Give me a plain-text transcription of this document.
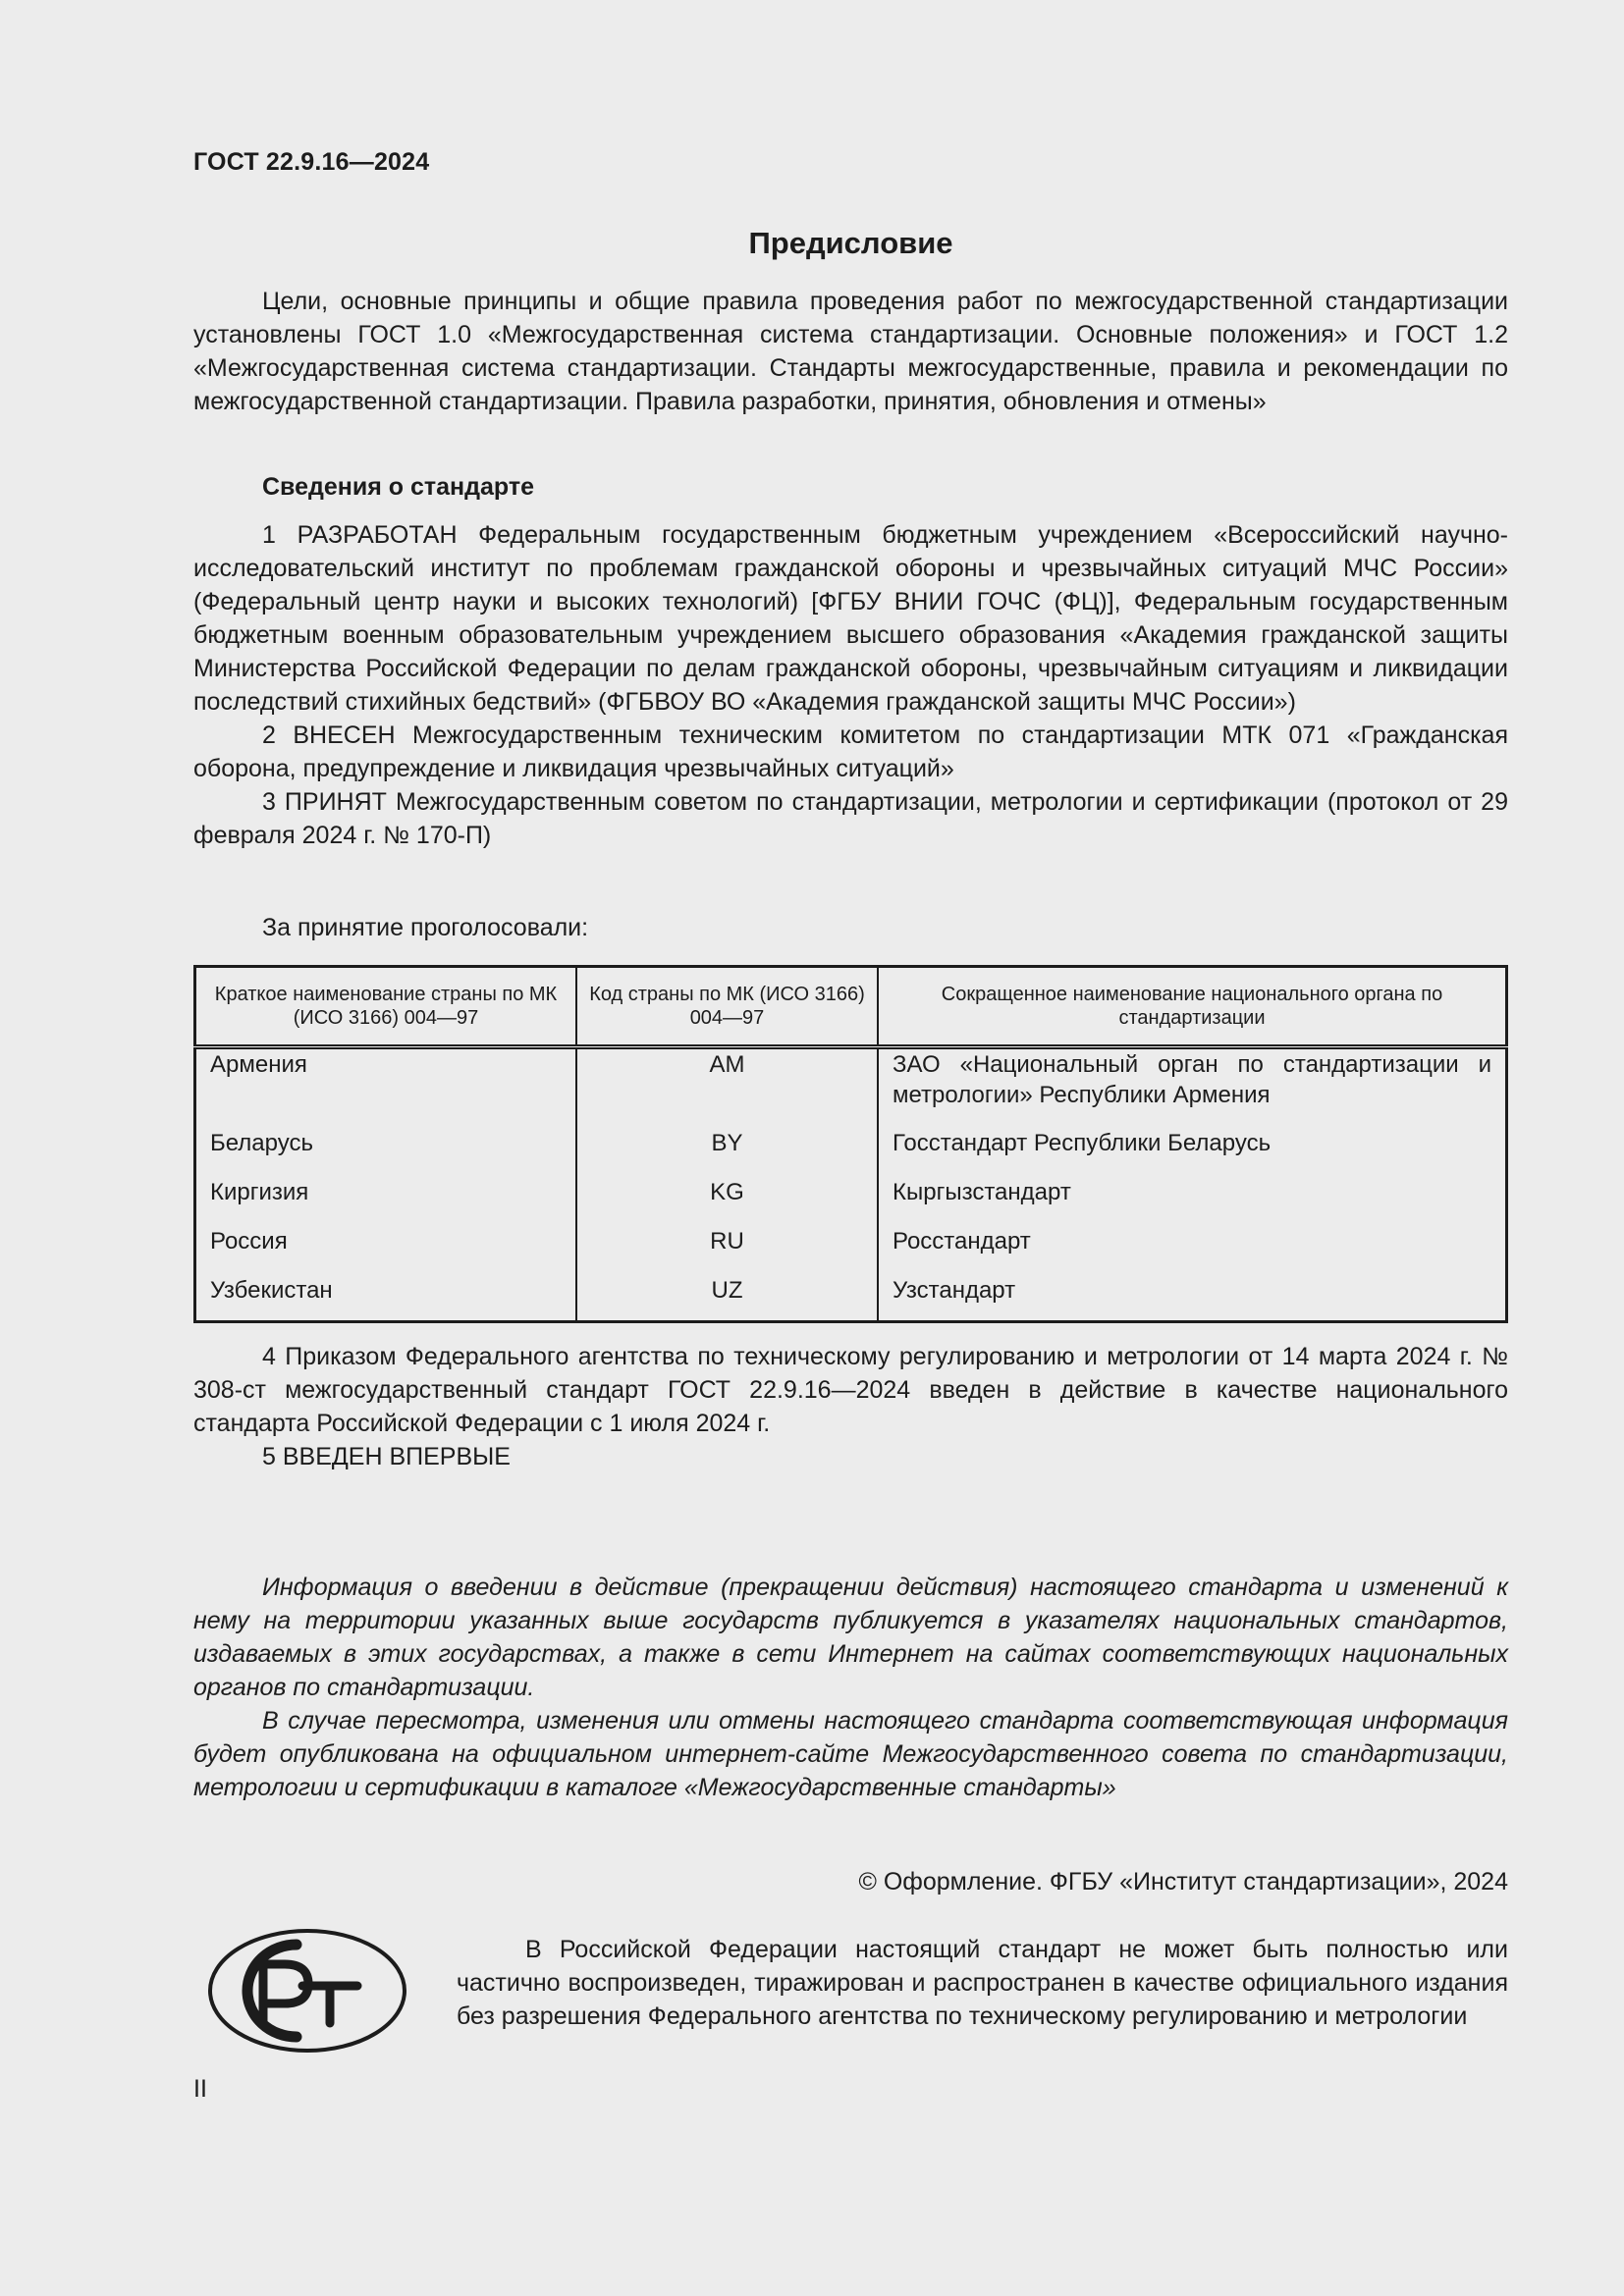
ГОСТ 22.9.16—2024
Предисловие

Цели, основные принципы и общие правила проведения работ по межгосударственной стандартизации установлены ГОСТ 1.0 «Межгосударственная система стандартизации. Основные положения» и ГОСТ 1.2 «Межгосударственная система стандартизации. Стандарты межгосударственные, правила и рекомендации по межгосударственной стандартизации. Правила разработки, принятия, обновления и отмены»

Сведения о стандарте

1 РАЗРАБОТАН Федеральным государственным бюджетным учреждением «Всероссийский научно-исследовательский институт по проблемам гражданской обороны и чрезвычайных ситуаций МЧС России» (Федеральный центр науки и высоких технологий) [ФГБУ ВНИИ ГОЧС (ФЦ)], Федеральным государственным бюджетным военным образовательным учреждением высшего образования «Академия гражданской защиты Министерства Российской Федерации по делам гражданской обороны, чрезвычайным ситуациям и ликвидации последствий стихийных бедствий» (ФГБВОУ ВО «Академия гражданской защиты МЧС России»)

2 ВНЕСЕН Межгосударственным техническим комитетом по стандартизации МТК 071 «Гражданская оборона, предупреждение и ликвидация чрезвычайных ситуаций»

3 ПРИНЯТ Межгосударственным советом по стандартизации, метрологии и сертификации (протокол от 29 февраля 2024 г. № 170-П)

За принятие проголосовали:
Краткое наименование страны по МК (ИСО 3166) 004—97	Код страны по МК (ИСО 3166) 004—97	Сокращенное наименование национального органа по стандартизации
Армения	AM	ЗАО «Национальный орган по стандартизации и метрологии» Республики Армения
Беларусь	BY	Госстандарт Республики Беларусь
Киргизия	KG	Кыргызстандарт
Россия	RU	Росстандарт
Узбекистан	UZ	Узстандарт

4 Приказом Федерального агентства по техническому регулированию и метрологии от 14 марта 2024 г. № 308-ст межгосударственный стандарт ГОСТ 22.9.16—2024 введен в действие в качестве национального стандарта Российской Федерации с 1 июля 2024 г.

5 ВВЕДЕН ВПЕРВЫЕ

Информация о введении в действие (прекращении действия) настоящего стандарта и изменений к нему на территории указанных выше государств публикуется в указателях национальных стандартов, издаваемых в этих государствах, а также в сети Интернет на сайтах соответствующих национальных органов по стандартизации.

В случае пересмотра, изменения или отмены настоящего стандарта соответствующая информация будет опубликована на официальном интернет-сайте Межгосударственного совета по стандартизации, метрологии и сертификации в каталоге «Межгосударственные стандарты»

© Оформление. ФГБУ «Институт стандартизации», 2024

В Российской Федерации настоящий стандарт не может быть полностью или частично воспроизведен, тиражирован и распространен в качестве официального издания без разрешения Федерального агентства по техническому регулированию и метрологии

II
